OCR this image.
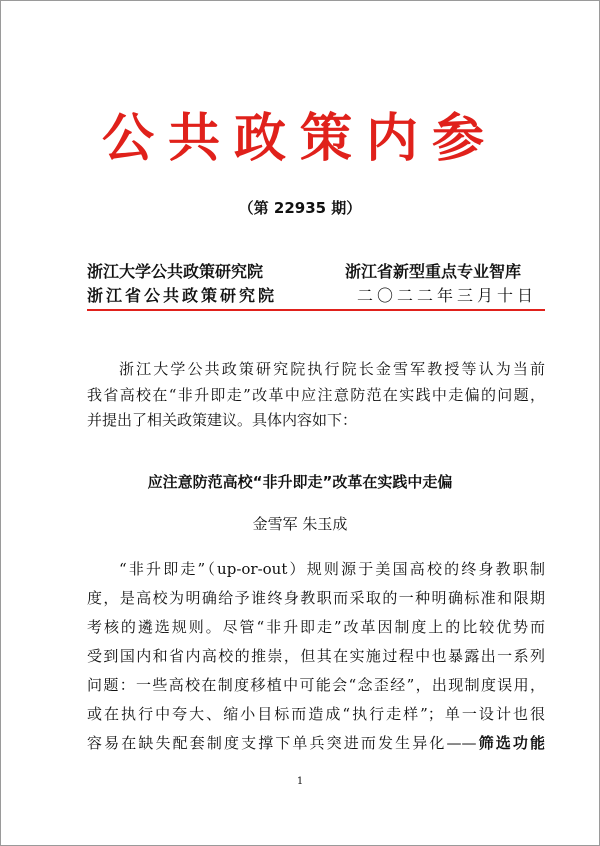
公共政策内参
（第 22935 期）
浙江大学公共政策研究院
浙江省公共政策研究院
浙江省新型重点专业智库
二〇二二年三月十日
浙江大学公共政策研究院执行院长金雪军教授等认为当前
我省高校在“非升即走”改革中应注意防范在实践中走偏的问题，
并提出了相关政策建议。具体内容如下：
应注意防范高校“非升即走”改革在实践中走偏
金雪军 朱玉成
“非升即走”（up-or-out）规则源于美国高校的终身教职制
度，是高校为明确给予谁终身教职而采取的一种明确标准和限期
考核的遴选规则。尽管“非升即走”改革因制度上的比较优势而
受到国内和省内高校的推崇，但其在实施过程中也暴露出一系列
问题：一些高校在制度移植中可能会“念歪经”，出现制度误用，
或在执行中夸大、缩小目标而造成“执行走样”；单一设计也很
容易在缺失配套制度支撑下单兵突进而发生异化——筛选功能
1
